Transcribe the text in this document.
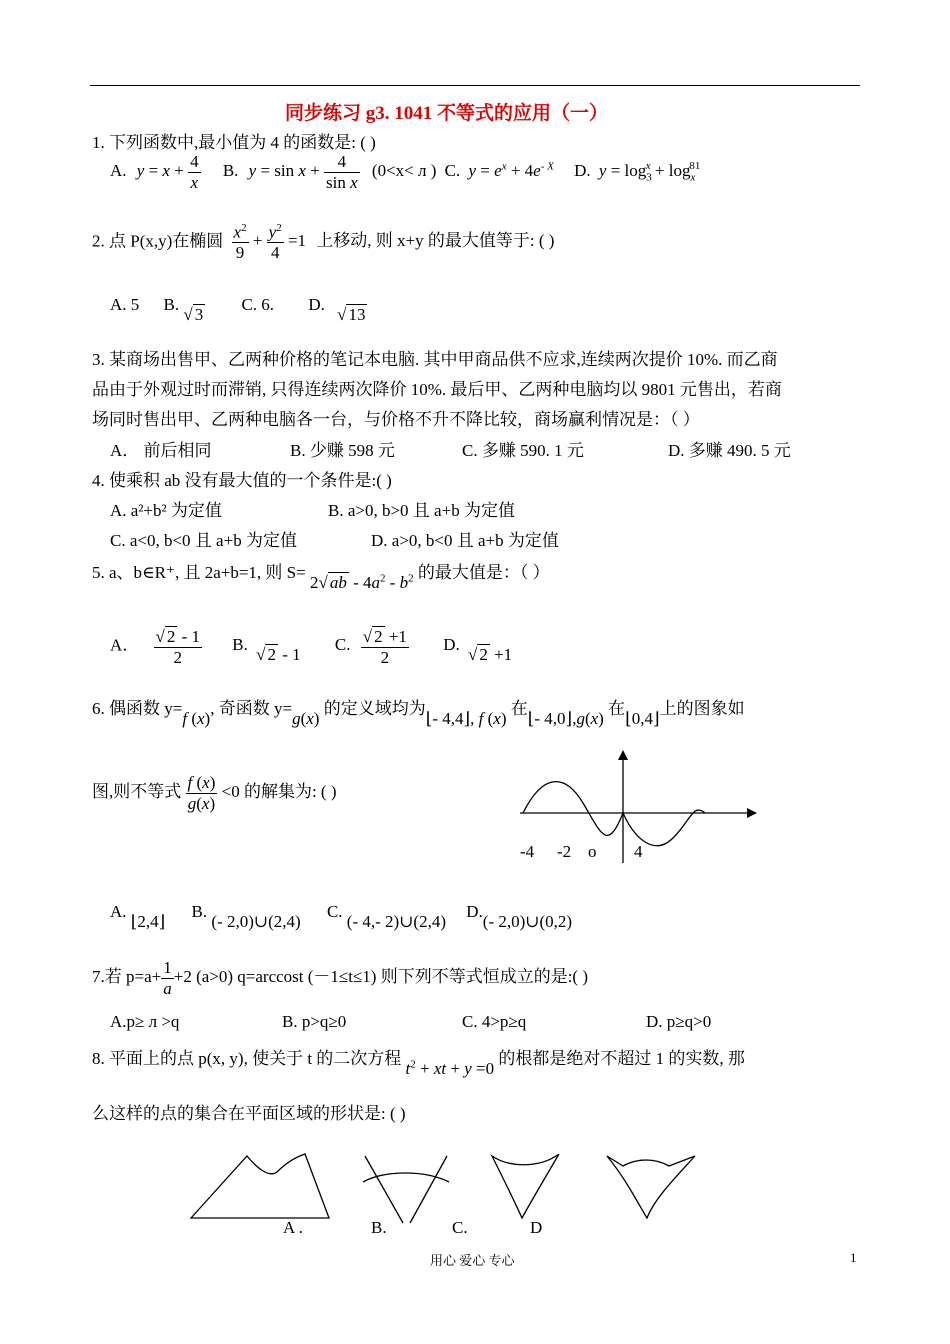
同步练习 g3. 1041 不等式的应用（一）
1. 下列函数中,最小值为 4 的函数是: ( )
A. $y = x + \frac{4}{x} B$. $y = \sin x + \frac{4}{\text{sin x}} (0<x< л$ ) C. $y = e^x + 4e^{- X}$ D. $y = \log_3^x + \log_x^{81}$
2. 点 P(x,y)在椭圆 $\frac{x^2}{9} + \frac{y^2}{4} =1$ 上移动, 则 x+y 的最大值等于: ( )
A. 5 B. √ 3 C. 6. D. √ 13
3. 某商场出售甲、乙两种价格的笔记本电脑. 其中甲商品供不应求,连续两次提价 10%. 而乙商
品由于外观过时而滞销, 只得连续两次降价 10%. 最后甲、乙两种电脑均以 9801 元售出，若商
场同时售出甲、乙两种电脑各一台，与价格不升不降比较，商场赢利情况是：（ ）
A． 前后相同	B. 少赚 598 元	C. 多赚 590. 1 元	D. 多赚 490. 5 元
4. 使乘积 ab 没有最大值的一个条件是:( )
A. a²+b² 为定值	B. a>0, b>0 且 a+b 为定值
C. a<0, b<0 且 a+b 为定值	D. a>0, b<0 且 a+b 为定值
5. a、b∈R⁺, 且 2a+b=1, 则 S= 2√ ab - $4a^2 - b^2$ 的最大值是：（ ）
A． $\frac{√ 2 - 1}{2} B$. √ 2 - 1 C. $\frac{√ 2 +1}{2} D$. √ 2 +1
6. 偶函数 y=f (x), 奇函数 y=g(x) 的定义域均为⌊- 4,4⌋, f (x) 在⌊- 4,0⌋,g(x) 在⌊0,4⌋上的图象如
图,则不等式 $\frac{f (x)}{g(x)} <0$ 的解集为: ( )
-4 -2 o 4
A. ⌊2,4⌋ B. (- 2,0)∪(2,4) C. (- 4,- 2)∪(2,4) D.(- 2,0)∪(0,2)
7.若 $p=a+ \frac{1}{a} +2$ (a>0) q=arccost (－1≤t≤1) 则下列不等式恒成立的是:( )
A.p≥ л >q	B. p>q≥0	C. 4>p≥q	D. p≥q>0
8. 平面上的点 p(x, y), 使关于 t 的二次方程 $t^2$ + xt + y =0 的根都是绝对不超过 1 的实数, 那
么这样的点的集合在平面区域的形状是: ( )
A .	B.	C.	D
用心 爱心 专心	1
